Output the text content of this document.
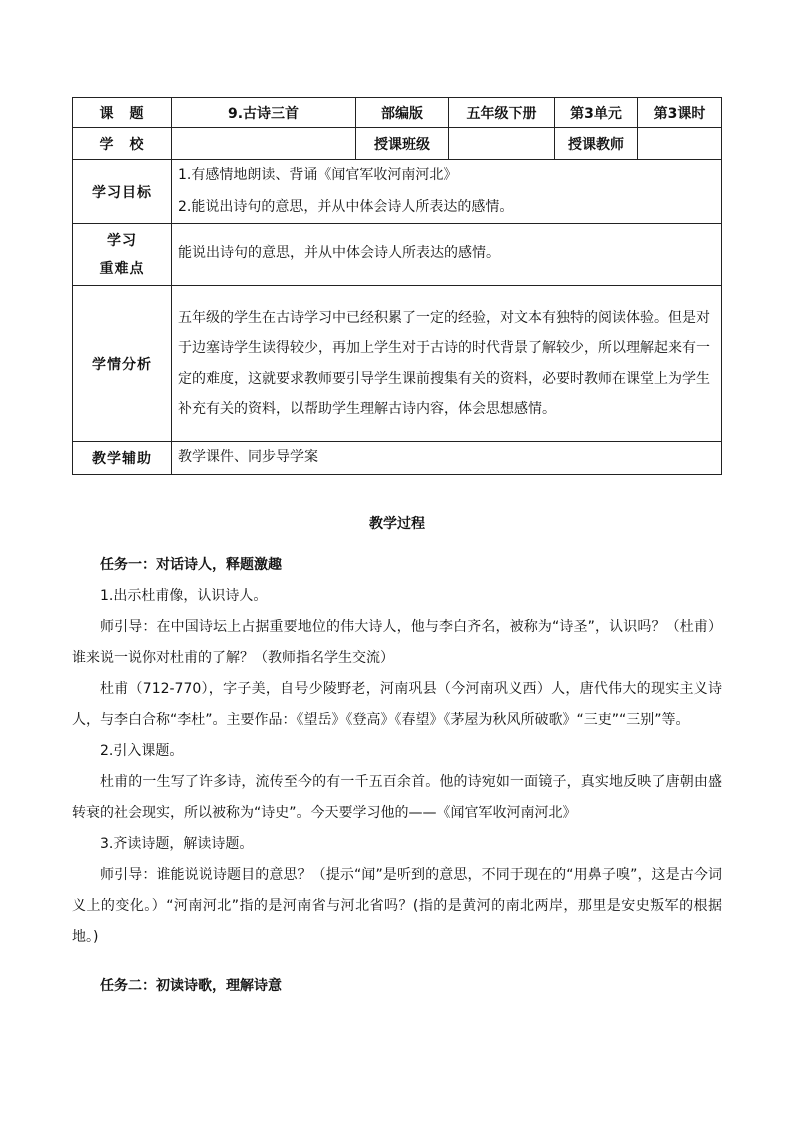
课　题	9.古诗三首	部编版	五年级下册	第3单元	第3课时
学　校		授课班级		授课教师	
学习目标	1.有感情地朗读、背诵《闻官军收河南河北》
2.能说出诗句的意思，并从中体会诗人所表达的感情。				

学习
重难点	能说出诗句的意思，并从中体会诗人所表达的感情。				
学情分析	五年级的学生在古诗学习中已经积累了一定的经验，对文本有独特的阅读体验。但是对于边塞诗学生读得较少，再加上学生对于古诗的时代背景了解较少，所以理解起来有一定的难度，这就要求教师要引导学生课前搜集有关的资料，必要时教师在课堂上为学生补充有关的资料，以帮助学生理解古诗内容，体会思想感情。				
教学辅助	教学课件、同步导学案				
教学过程

任务一：对话诗人，释题激趣

1.出示杜甫像，认识诗人。

师引导：在中国诗坛上占据重要地位的伟大诗人，他与李白齐名，被称为“诗圣”，认识吗？（杜甫）谁来说一说你对杜甫的了解？（教师指名学生交流）

杜甫（712-770），字子美，自号少陵野老，河南巩县（今河南巩义西）人，唐代伟大的现实主义诗人，与李白合称“李杜”。主要作品：《望岳》《登高》《春望》《茅屋为秋风所破歌》“三吏”“三别”等。

2.引入课题。

杜甫的一生写了许多诗，流传至今的有一千五百余首。他的诗宛如一面镜子，真实地反映了唐朝由盛转衰的社会现实，所以被称为“诗史”。今天要学习他的——《闻官军收河南河北》

3.齐读诗题，解读诗题。

师引导：谁能说说诗题目的意思？（提示“闻”是听到的意思，不同于现在的“用鼻子嗅”，这是古今词义上的变化。）“河南河北”指的是河南省与河北省吗？(指的是黄河的南北两岸，那里是安史叛军的根据地。)

任务二：初读诗歌，理解诗意
